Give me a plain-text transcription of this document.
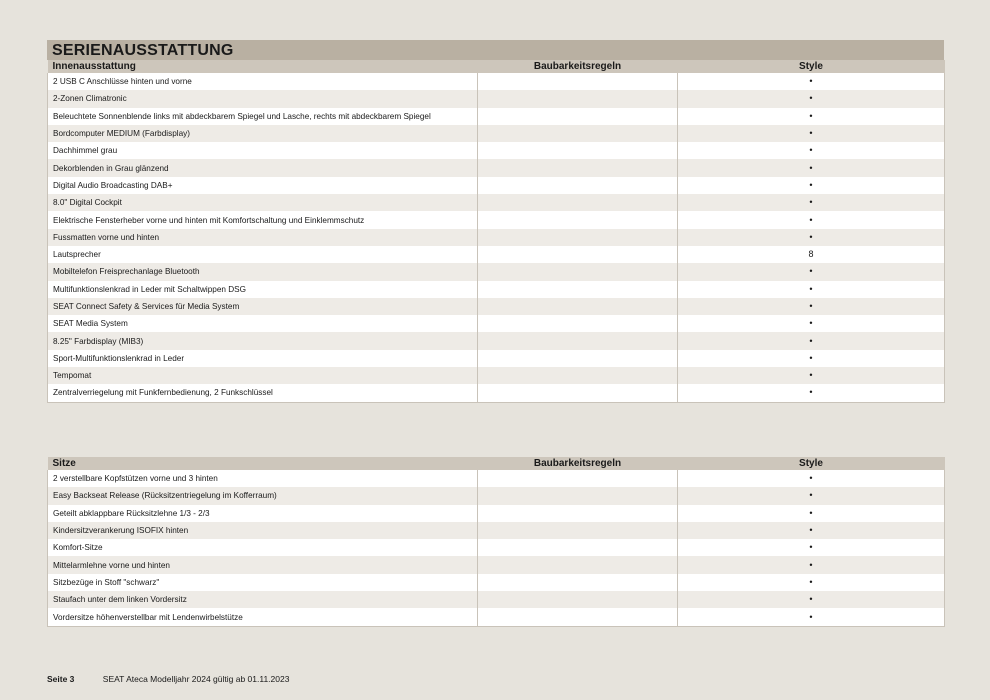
SERIENAUSSTATTUNG
Innenausstattung	Baubarkeitsregeln	Style
2 USB C Anschlüsse hinten und vorne		•
2-Zonen Climatronic		•
Beleuchtete Sonnenblende links mit abdeckbarem Spiegel und Lasche, rechts mit abdeckbarem Spiegel		•
Bordcomputer MEDIUM (Farbdisplay)		•
Dachhimmel grau		•
Dekorblenden in Grau glänzend		•
Digital Audio Broadcasting DAB+		•
8.0" Digital Cockpit		•
Elektrische Fensterheber vorne und hinten mit Komfortschaltung und Einklemmschutz		•
Fussmatten vorne und hinten		•
Lautsprecher		8
Mobiltelefon Freisprechanlage Bluetooth		•
Multifunktionslenkrad in Leder mit Schaltwippen DSG		•
SEAT Connect Safety & Services für Media System		•
SEAT Media System		•
8.25" Farbdisplay (MIB3)		•
Sport-Multifunktionslenkrad in Leder		•
Tempomat		•
Zentralverriegelung mit Funkfernbedienung, 2 Funkschlüssel		•
Sitze	Baubarkeitsregeln	Style
2 verstellbare Kopfstützen vorne und 3 hinten		•
Easy Backseat Release (Rücksitzentriegelung im Kofferraum)		•
Geteilt abklappbare Rücksitzlehne 1/3 - 2/3		•
Kindersitzverankerung ISOFIX hinten		•
Komfort-Sitze		•
Mittelarmlehne vorne und hinten		•
Sitzbezüge in Stoff "schwarz"		•
Staufach unter dem linken Vordersitz		•
Vordersitze höhenverstellbar mit Lendenwirbelstütze		•
Seite 3	SEAT Ateca Modelljahr 2024 gültig ab 01.11.2023
